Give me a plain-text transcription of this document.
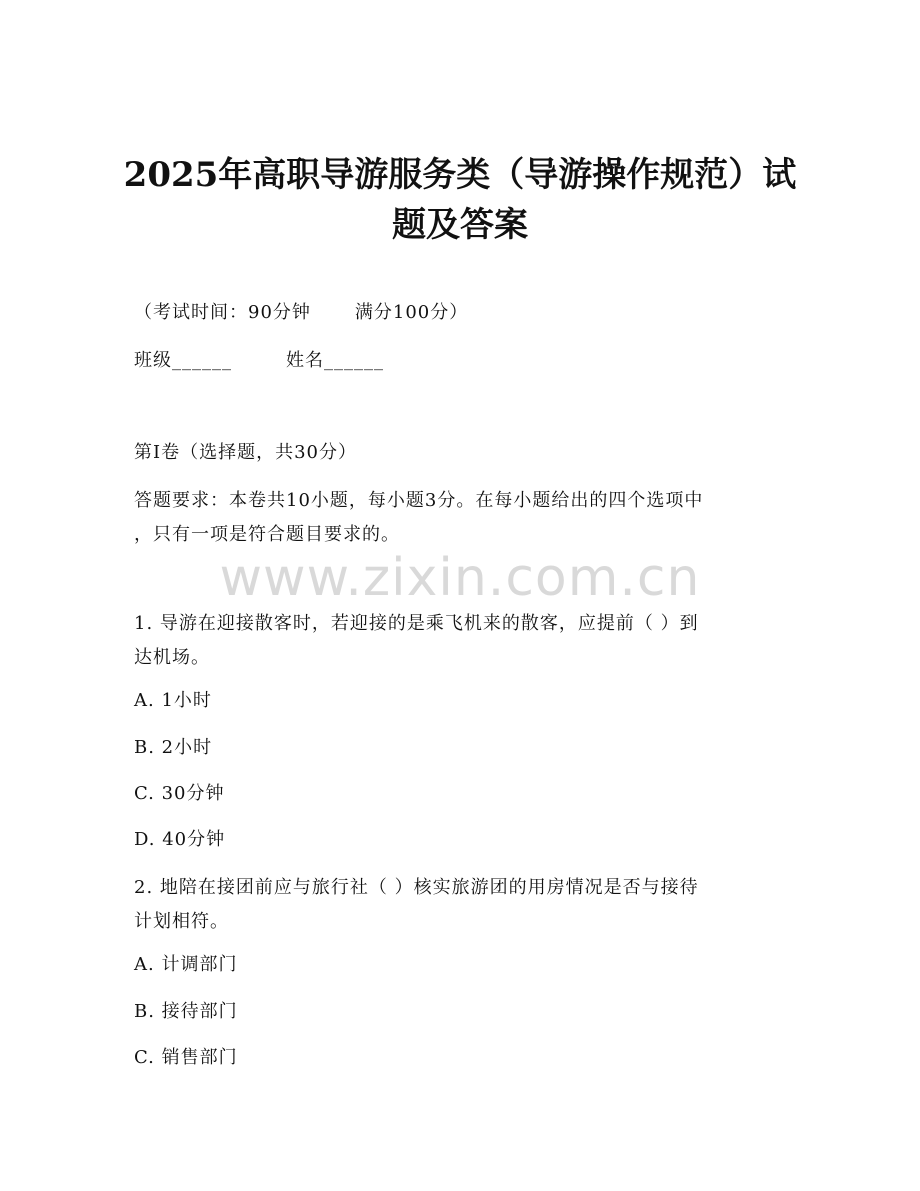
2025年高职导游服务类（导游操作规范）试
题及答案
（考试时间：90分钟 满分100分）
班级______	姓名______
第I卷（选择题，共30分）
答题要求：本卷共10小题，每小题3分。在每小题给出的四个选项中
，只有一项是符合题目要求的。
www.zixin.com.cn
1. 导游在迎接散客时，若迎接的是乘飞机来的散客，应提前（ ）到
达机场。
A. 1小时
B. 2小时
C. 30分钟
D. 40分钟
2. 地陪在接团前应与旅行社（ ）核实旅游团的用房情况是否与接待
计划相符。
A. 计调部门
B. 接待部门
C. 销售部门
